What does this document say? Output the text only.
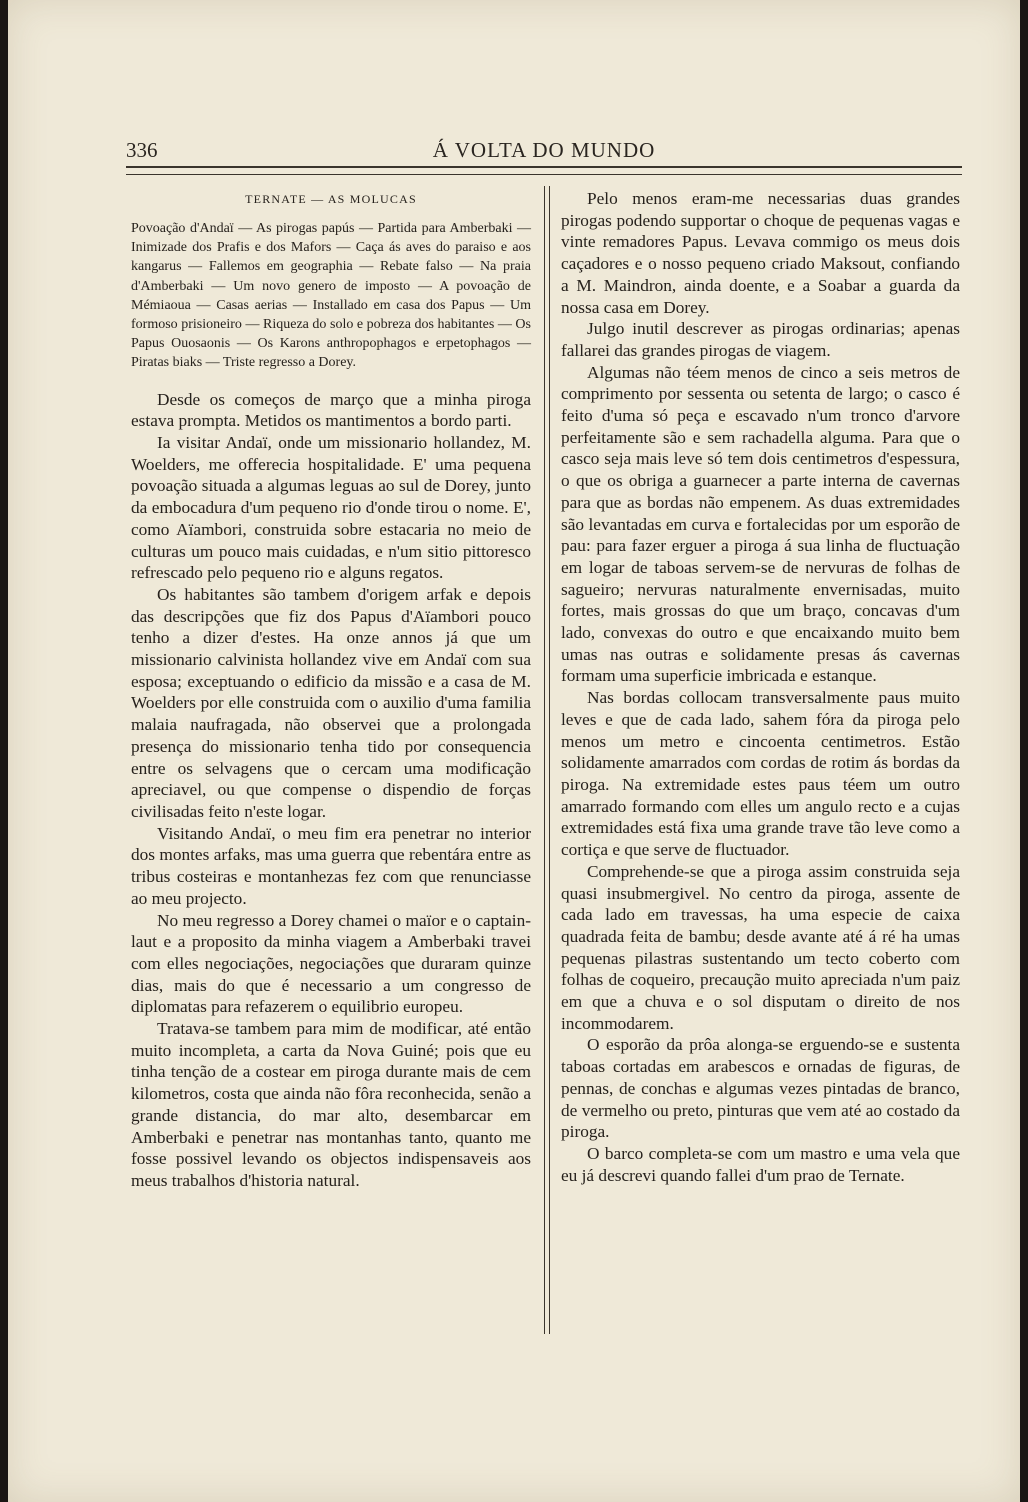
336	Á VOLTA DO MUNDO
TERNATE — AS MOLUCAS

Povoação d'Andaï — As pirogas papús — Partida para Amberbaki — Inimizade dos Prafis e dos Mafors — Caça ás aves do paraiso e aos kangarus — Fallemos em geographia — Rebate falso — Na praia d'Amberbaki — Um novo genero de imposto — A povoação de Mémiaoua — Casas aerias — Installado em casa dos Papus — Um formoso prisioneiro — Riqueza do solo e pobreza dos habitantes — Os Papus Ouosaonis — Os Karons anthropophagos e erpetophagos — Piratas biaks — Triste regresso a Dorey.

Desde os começos de março que a minha piroga estava prompta. Metidos os mantimentos a bordo parti.

Ia visitar Andaï, onde um missionario hollandez, M. Woelders, me offerecia hospitalidade. E' uma pequena povoação situada a algumas leguas ao sul de Dorey, junto da embocadura d'um pequeno rio d'onde tirou o nome. E', como Aïambori, construida sobre estacaria no meio de culturas um pouco mais cuidadas, e n'um sitio pittoresco refrescado pelo pequeno rio e alguns regatos.

Os habitantes são tambem d'origem arfak e depois das descripções que fiz dos Papus d'Aïambori pouco tenho a dizer d'estes. Ha onze annos já que um missionario calvinista hollandez vive em Andaï com sua esposa; exceptuando o edificio da missão e a casa de M. Woelders por elle construida com o auxilio d'uma familia malaia naufragada, não observei que a prolongada presença do missionario tenha tido por consequencia entre os selvagens que o cercam uma modificação apreciavel, ou que compense o dispendio de forças civilisadas feito n'este logar.

Visitando Andaï, o meu fim era penetrar no interior dos montes arfaks, mas uma guerra que rebentára entre as tribus costeiras e montanhezas fez com que renunciasse ao meu projecto.

No meu regresso a Dorey chamei o maïor e o captain-laut e a proposito da minha viagem a Amberbaki travei com elles negociações, negociações que duraram quinze dias, mais do que é necessario a um congresso de diplomatas para refazerem o equilibrio europeu.

Tratava-se tambem para mim de modificar, até então muito incompleta, a carta da Nova Guiné; pois que eu tinha tenção de a costear em piroga durante mais de cem kilometros, costa que ainda não fôra reconhecida, senão a grande distancia, do mar alto, desembarcar em Amberbaki e penetrar nas montanhas tanto, quanto me fosse possivel levando os objectos indispensaveis aos meus trabalhos d'historia natural.

Pelo menos eram-me necessarias duas grandes pirogas podendo supportar o choque de pequenas vagas e vinte remadores Papus. Levava commigo os meus dois caçadores e o nosso pequeno criado Maksout, confiando a M. Maindron, ainda doente, e a Soabar a guarda da nossa casa em Dorey.

Julgo inutil descrever as pirogas ordinarias; apenas fallarei das grandes pirogas de viagem.

Algumas não téem menos de cinco a seis metros de comprimento por sessenta ou setenta de largo; o casco é feito d'uma só peça e escavado n'um tronco d'arvore perfeitamente são e sem rachadella alguma. Para que o casco seja mais leve só tem dois centimetros d'espessura, o que os obriga a guarnecer a parte interna de cavernas para que as bordas não empenem. As duas extremidades são levantadas em curva e fortalecidas por um esporão de pau: para fazer erguer a piroga á sua linha de fluctuação em logar de taboas servem-se de nervuras de folhas de sagueiro; nervuras naturalmente envernisadas, muito fortes, mais grossas do que um braço, concavas d'um lado, convexas do outro e que encaixando muito bem umas nas outras e solidamente presas ás cavernas formam uma superficie imbricada e estanque.

Nas bordas collocam transversalmente paus muito leves e que de cada lado, sahem fóra da piroga pelo menos um metro e cincoenta centimetros. Estão solidamente amarrados com cordas de rotim ás bordas da piroga. Na extremidade estes paus téem um outro amarrado formando com elles um angulo recto e a cujas extremidades está fixa uma grande trave tão leve como a cortiça e que serve de fluctuador.

Comprehende-se que a piroga assim construida seja quasi insubmergivel. No centro da piroga, assente de cada lado em travessas, ha uma especie de caixa quadrada feita de bambu; desde avante até á ré ha umas pequenas pilastras sustentando um tecto coberto com folhas de coqueiro, precaução muito apreciada n'um paiz em que a chuva e o sol disputam o direito de nos incommodarem.

O esporão da prôa alonga-se erguendo-se e sustenta taboas cortadas em arabescos e ornadas de figuras, de pennas, de conchas e algumas vezes pintadas de branco, de vermelho ou preto, pinturas que vem até ao costado da piroga.

O barco completa-se com um mastro e uma vela que eu já descrevi quando fallei d'um prao de Ternate.
